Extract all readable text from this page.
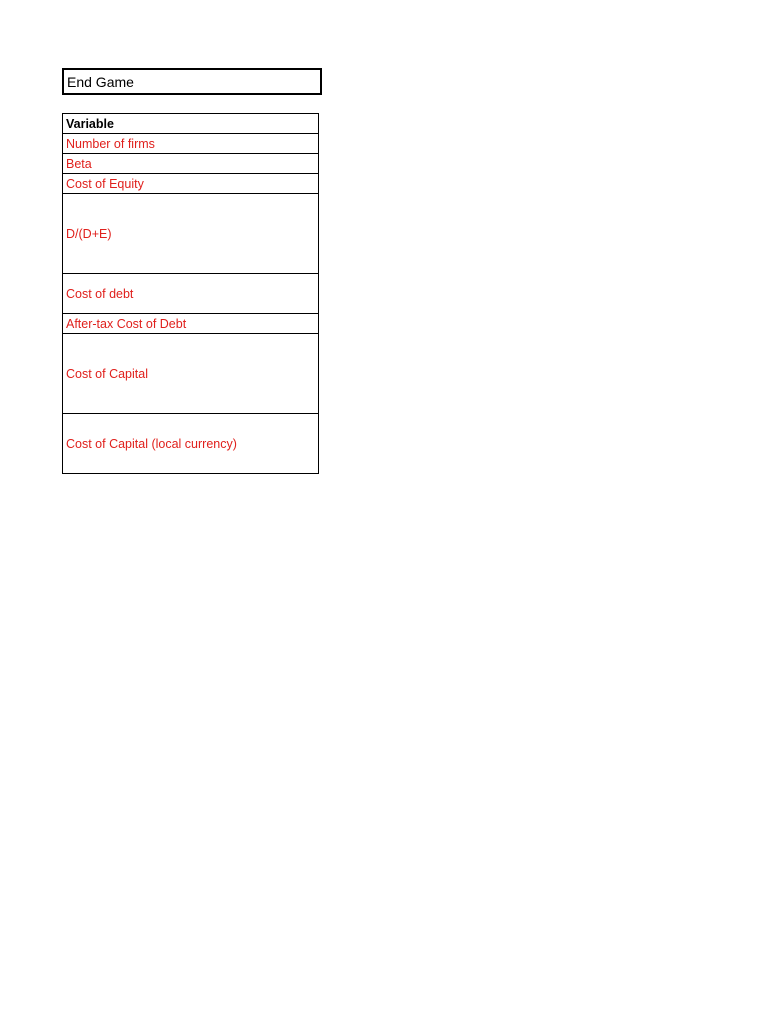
End Game
Variable
Number of firms
Beta
Cost of Equity
D/(D+E)
Cost of debt
After-tax Cost of Debt
Cost of Capital
Cost of Capital (local currency)
